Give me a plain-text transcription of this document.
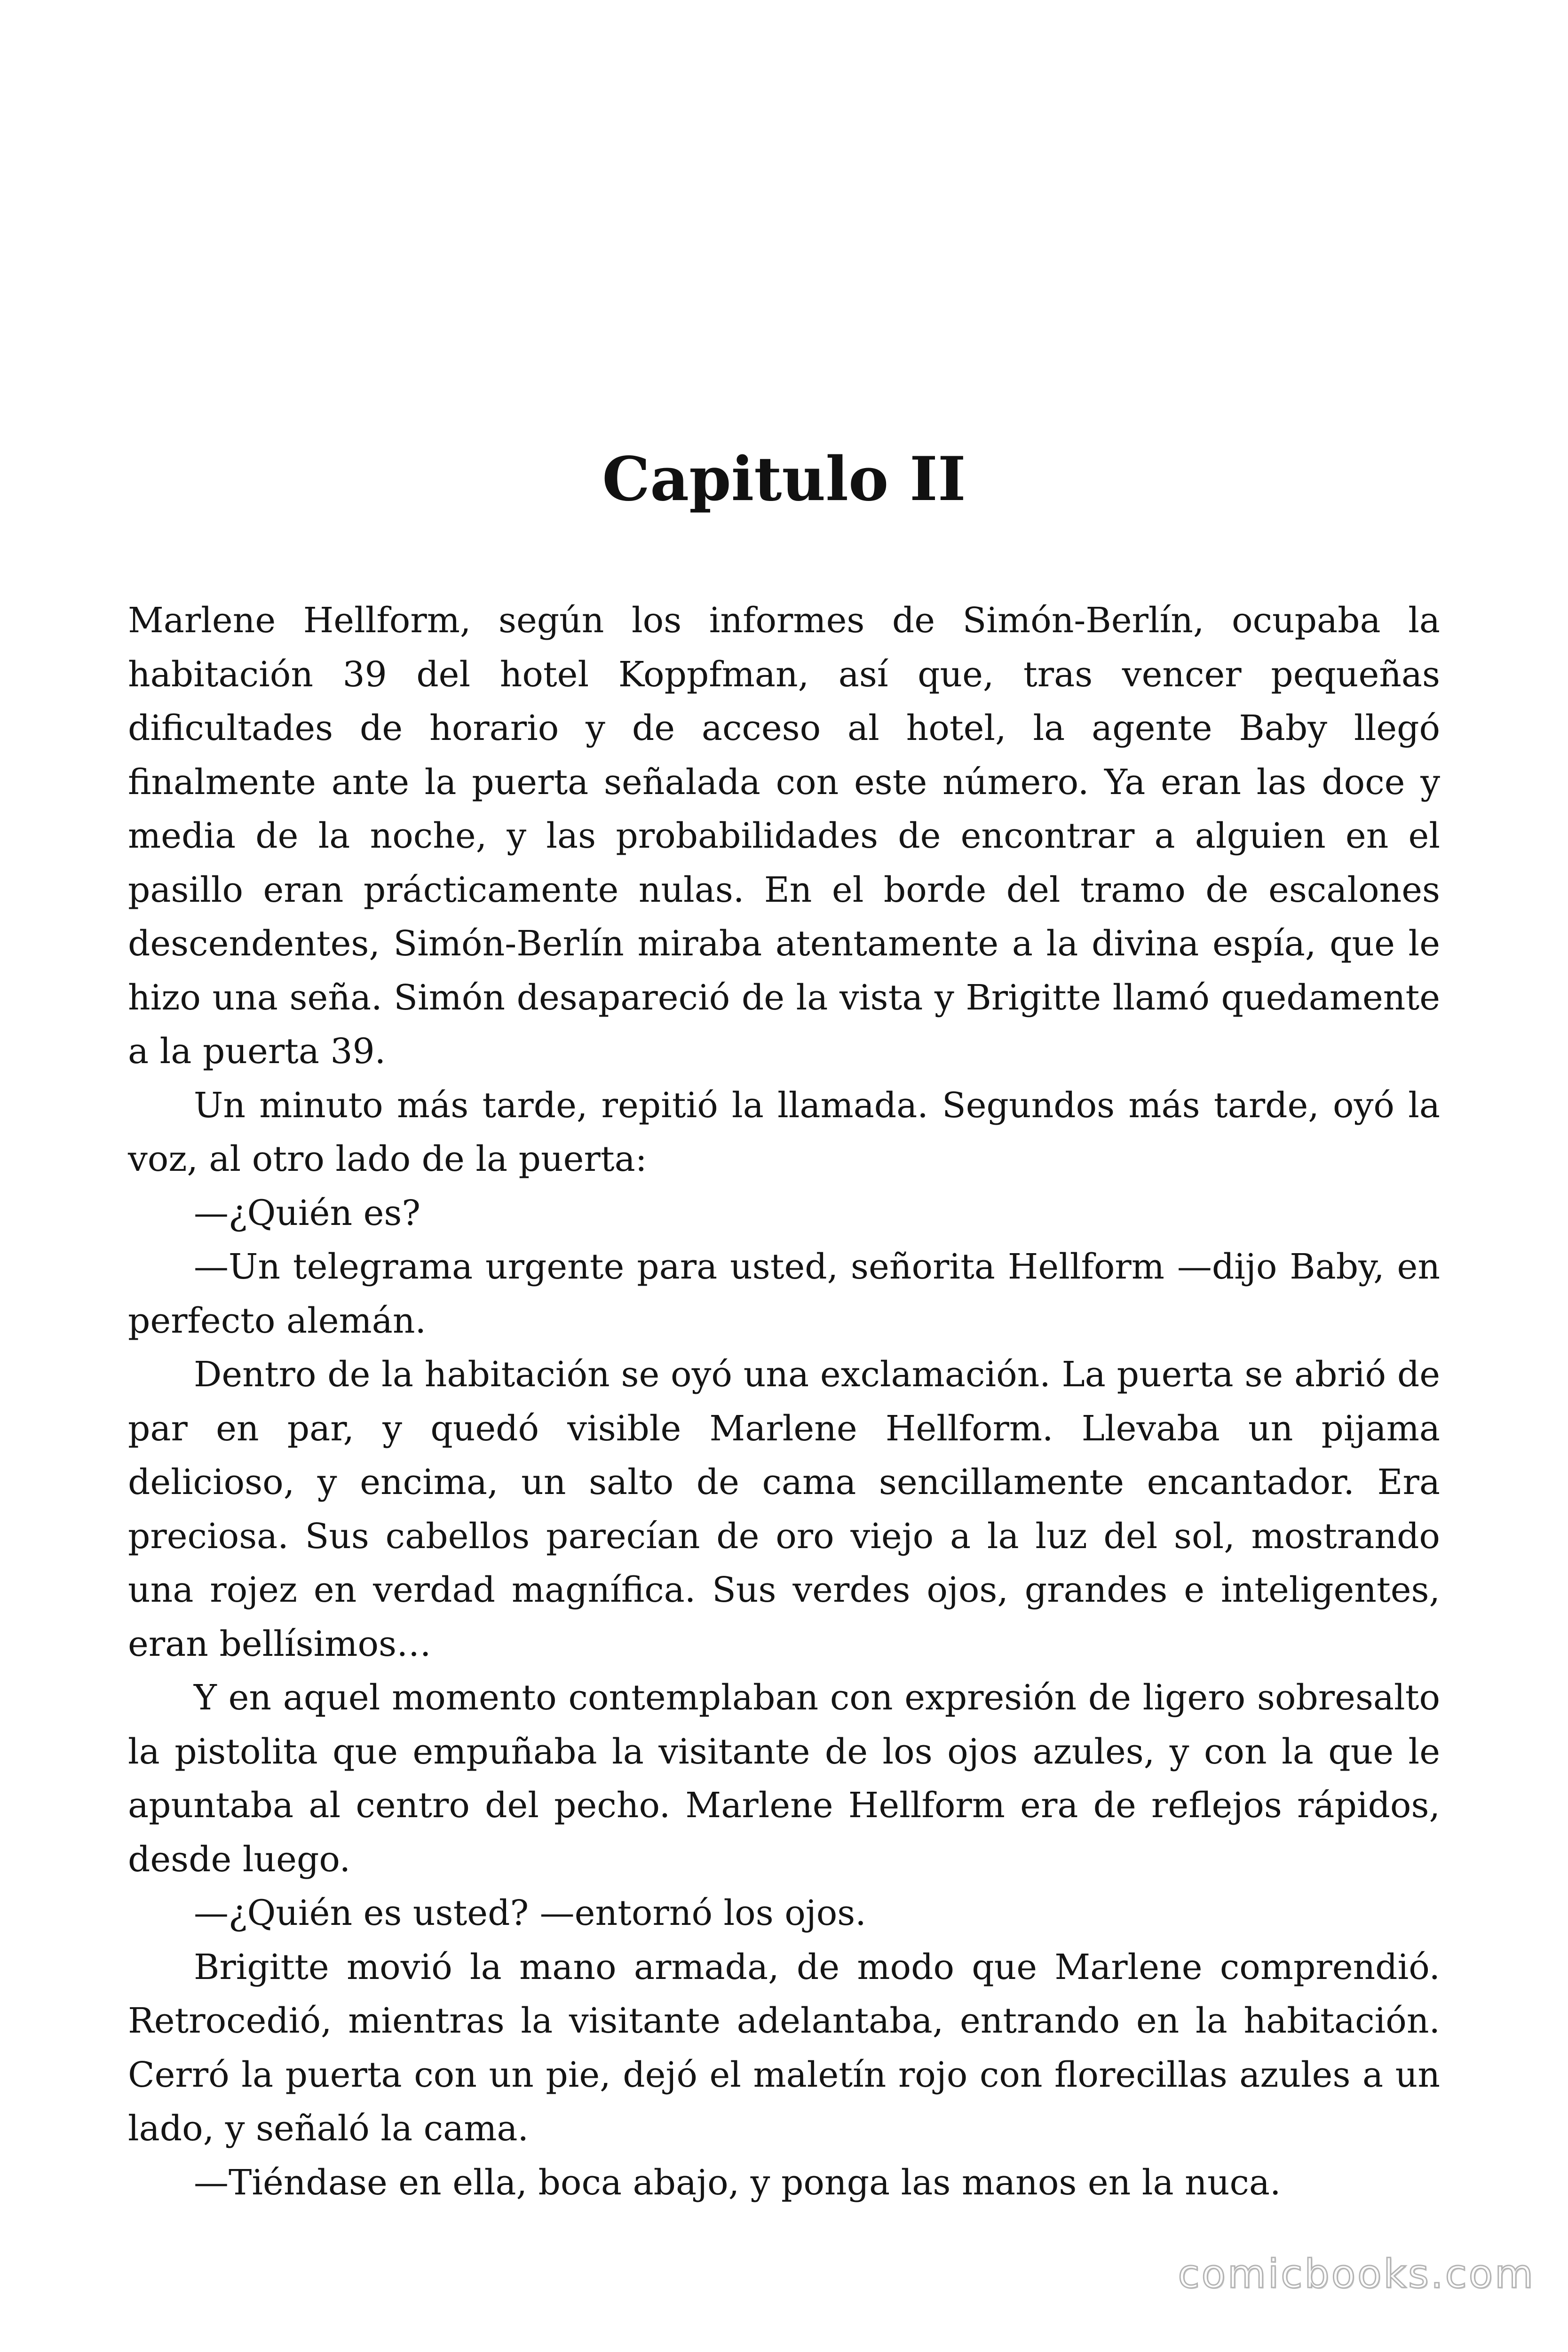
Capitulo II

Marlene Hellform, según los informes de Simón-Berlín, ocupaba la habitación 39 del hotel Koppfman, así que, tras vencer pequeñas dificultades de horario y de acceso al hotel, la agente Baby llegó finalmente ante la puerta señalada con este número. Ya eran las doce y media de la noche, y las probabilidades de encontrar a alguien en el pasillo eran prácticamente nulas. En el borde del tramo de escalones descendentes, Simón-Berlín miraba atentamente a la divina espía, que le hizo una seña. Simón desapareció de la vista y Brigitte llamó quedamente a la puerta 39.

Un minuto más tarde, repitió la llamada. Segundos más tarde, oyó la voz, al otro lado de la puerta:

—¿Quién es?

—Un telegrama urgente para usted, señorita Hellform —dijo Baby, en perfecto alemán.

Dentro de la habitación se oyó una exclamación. La puerta se abrió de par en par, y quedó visible Marlene Hellform. Llevaba un pijama delicioso, y encima, un salto de cama sencillamente encantador. Era preciosa. Sus cabellos parecían de oro viejo a la luz del sol, mostrando una rojez en verdad magnífica. Sus verdes ojos, grandes e inteligentes, eran bellísimos…

Y en aquel momento contemplaban con expresión de ligero sobresalto la pistolita que empuñaba la visitante de los ojos azules, y con la que le apuntaba al centro del pecho. Marlene Hellform era de reflejos rápidos, desde luego.

—¿Quién es usted? —entornó los ojos.

Brigitte movió la mano armada, de modo que Marlene comprendió. Retrocedió, mientras la visitante adelantaba, entrando en la habitación. Cerró la puerta con un pie, dejó el maletín rojo con florecillas azules a un lado, y señaló la cama.

—Tiéndase en ella, boca abajo, y ponga las manos en la nuca.

comicbooks.com
